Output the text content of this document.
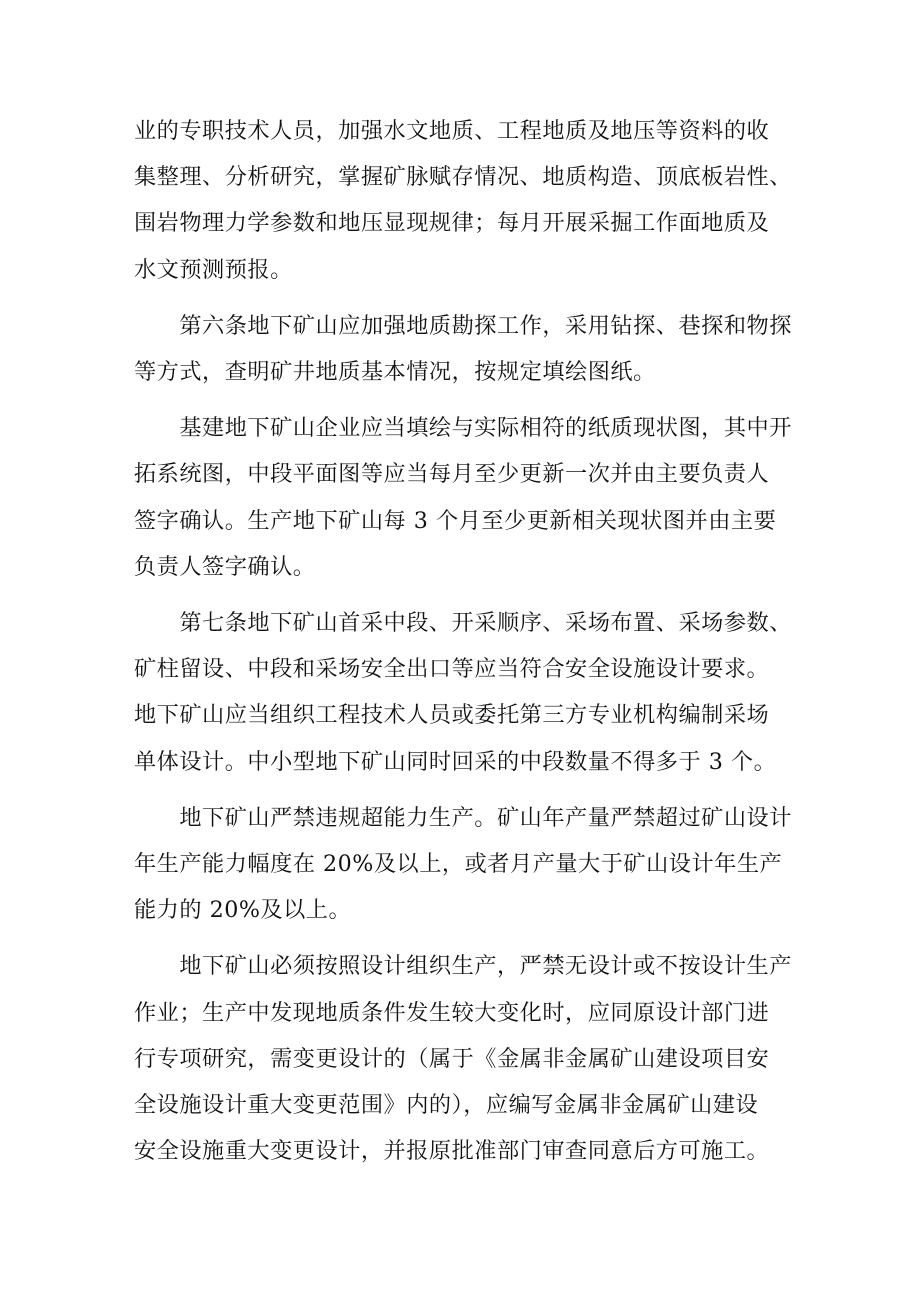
业的专职技术人员，加强水文地质、工程地质及地压等资料的收
集整理、分析研究，掌握矿脉赋存情况、地质构造、顶底板岩性、
围岩物理力学参数和地压显现规律；每月开展采掘工作面地质及
水文预测预报。

　　第六条地下矿山应加强地质勘探工作，采用钻探、巷探和物探
等方式，查明矿井地质基本情况，按规定填绘图纸。

　　基建地下矿山企业应当填绘与实际相符的纸质现状图，其中开
拓系统图，中段平面图等应当每月至少更新一次并由主要负责人
签字确认。生产地下矿山每 3 个月至少更新相关现状图并由主要
负责人签字确认。

　　第七条地下矿山首采中段、开采顺序、采场布置、采场参数、
矿柱留设、中段和采场安全出口等应当符合安全设施设计要求。
地下矿山应当组织工程技术人员或委托第三方专业机构编制采场
单体设计。中小型地下矿山同时回采的中段数量不得多于 3 个。

　　地下矿山严禁违规超能力生产。矿山年产量严禁超过矿山设计
年生产能力幅度在 20%及以上，或者月产量大于矿山设计年生产
能力的 20%及以上。

　　地下矿山必须按照设计组织生产，严禁无设计或不按设计生产
作业；生产中发现地质条件发生较大变化时，应同原设计部门进
行专项研究，需变更设计的（属于《金属非金属矿山建设项目安
全设施设计重大变更范围》内的），应编写金属非金属矿山建设
安全设施重大变更设计，并报原批准部门审查同意后方可施工。
